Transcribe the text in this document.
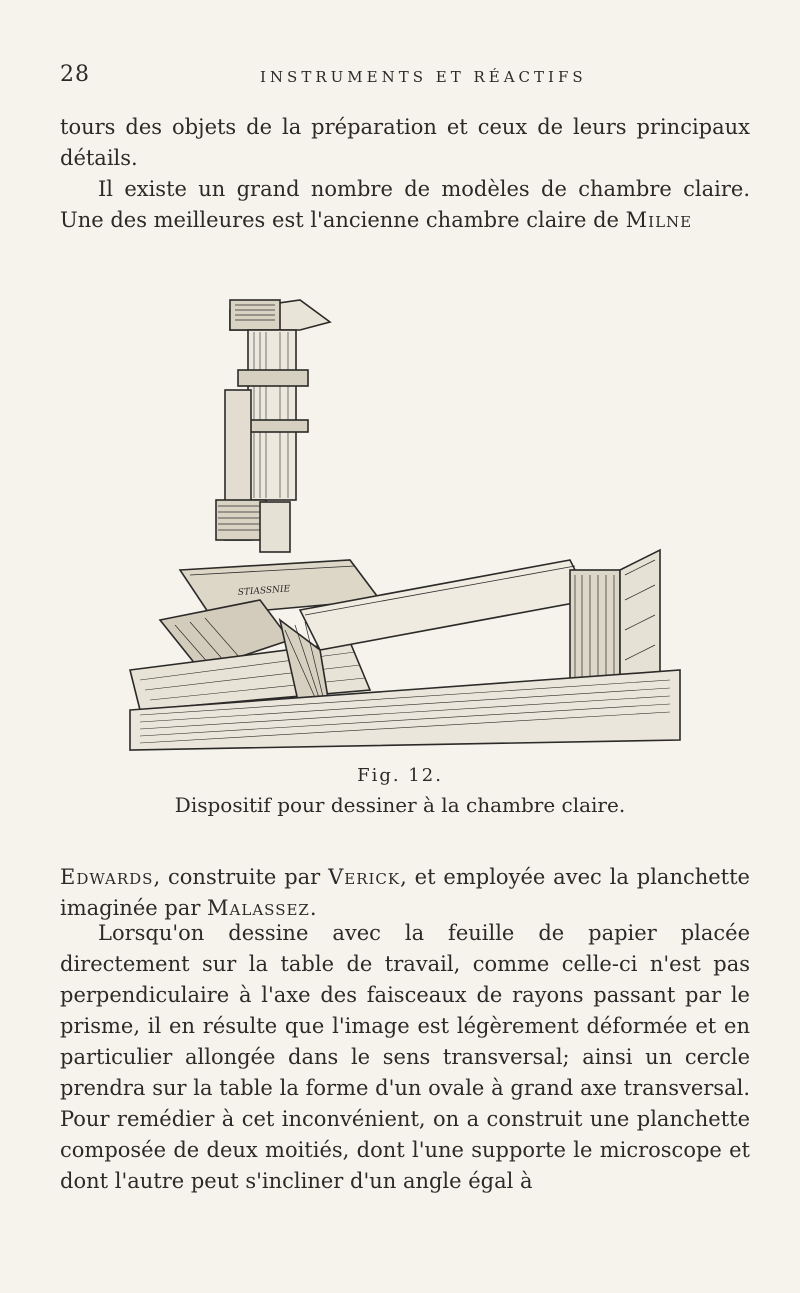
28	INSTRUMENTS ET RÉACTIFS
tours des objets de la préparation et ceux de leurs principaux détails.
Il existe un grand nombre de modèles de chambre claire. Une des meilleures est l'ancienne chambre claire de Milne
STIASSNIE
Fig. 12.
Dispositif pour dessiner à la chambre claire.
Edwards, construite par Verick, et employée avec la planchette imaginée par Malassez.
Lorsqu'on dessine avec la feuille de papier placée directement sur la table de travail, comme celle-ci n'est pas perpendiculaire à l'axe des faisceaux de rayons passant par le prisme, il en résulte que l'image est légèrement déformée et en particulier allongée dans le sens transversal; ainsi un cercle prendra sur la table la forme d'un ovale à grand axe transversal. Pour remédier à cet inconvénient, on a construit une planchette composée de deux moitiés, dont l'une supporte le microscope et dont l'autre peut s'incliner d'un angle égal à
